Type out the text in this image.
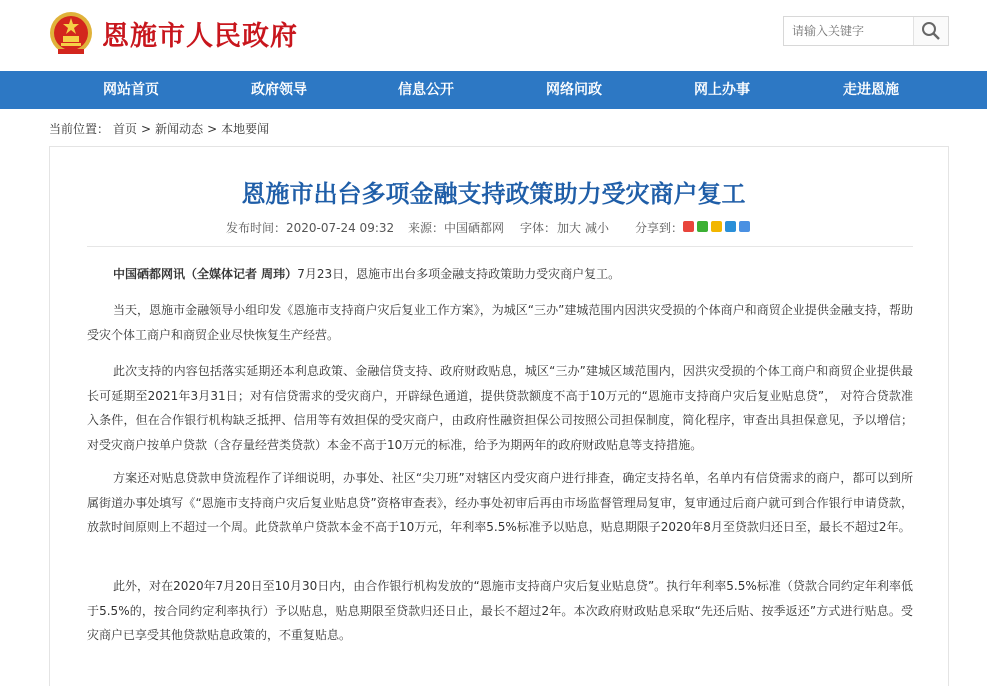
恩施市人民政府
请输入关键字
网站首页	政府领导	信息公开	网络问政	网上办事	走进恩施
当前位置： 首页 > 新闻动态 > 本地要闻
恩施市出台多项金融支持政策助力受灾商户复工
发布时间：2020-07-24 09:32 来源：中国硒都网 字体： 加大 减小 分享到：

中国硒都网讯（全媒体记者 周玮）7月23日，恩施市出台多项金融支持政策助力受灾商户复工。

当天，恩施市金融领导小组印发《恩施市支持商户灾后复业工作方案》，为城区“三办”建城范围内因洪灾受损的个体商户和商贸企业提供金融支持，帮助受灾个体工商户和商贸企业尽快恢复生产经营。

此次支持的内容包括落实延期还本利息政策、金融信贷支持、政府财政贴息，城区“三办”建城区域范围内，因洪灾受损的个体工商户和商贸企业提供最长可延期至2021年3月31日；对有信贷需求的受灾商户，开辟绿色通道，提供贷款额度不高于10万元的“恩施市支持商户灾后复业贴息贷”， 对符合贷款准入条件，但在合作银行机构缺乏抵押、信用等有效担保的受灾商户，由政府性融资担保公司按照公司担保制度，简化程序，审查出具担保意见，予以增信；对受灾商户按单户贷款（含存量经营类贷款）本金不高于10万元的标准，给予为期两年的政府财政贴息等支持措施。

方案还对贴息贷款申贷流程作了详细说明，办事处、社区“尖刀班”对辖区内受灾商户进行排查，确定支持名单，名单内有信贷需求的商户，都可以到所属街道办事处填写《“恩施市支持商户灾后复业贴息贷”资格审查表》，经办事处初审后再由市场监督管理局复审，复审通过后商户就可到合作银行申请贷款，放款时间原则上不超过一个周。此贷款单户贷款本金不高于10万元，年利率5.5%标准予以贴息，贴息期限子2020年8月至贷款归还日至，最长不超过2年。

此外，对在2020年7月20日至10月30日内，由合作银行机构发放的“恩施市支持商户灾后复业贴息贷”。执行年利率5.5%标准（贷款合同约定年利率低于5.5%的，按合同约定利率执行）予以贴息，贴息期限至贷款归还日止，最长不超过2年。本次政府财政贴息采取“先还后贴、按季返还”方式进行贴息。受灾商户已享受其他贷款贴息政策的，不重复贴息。
